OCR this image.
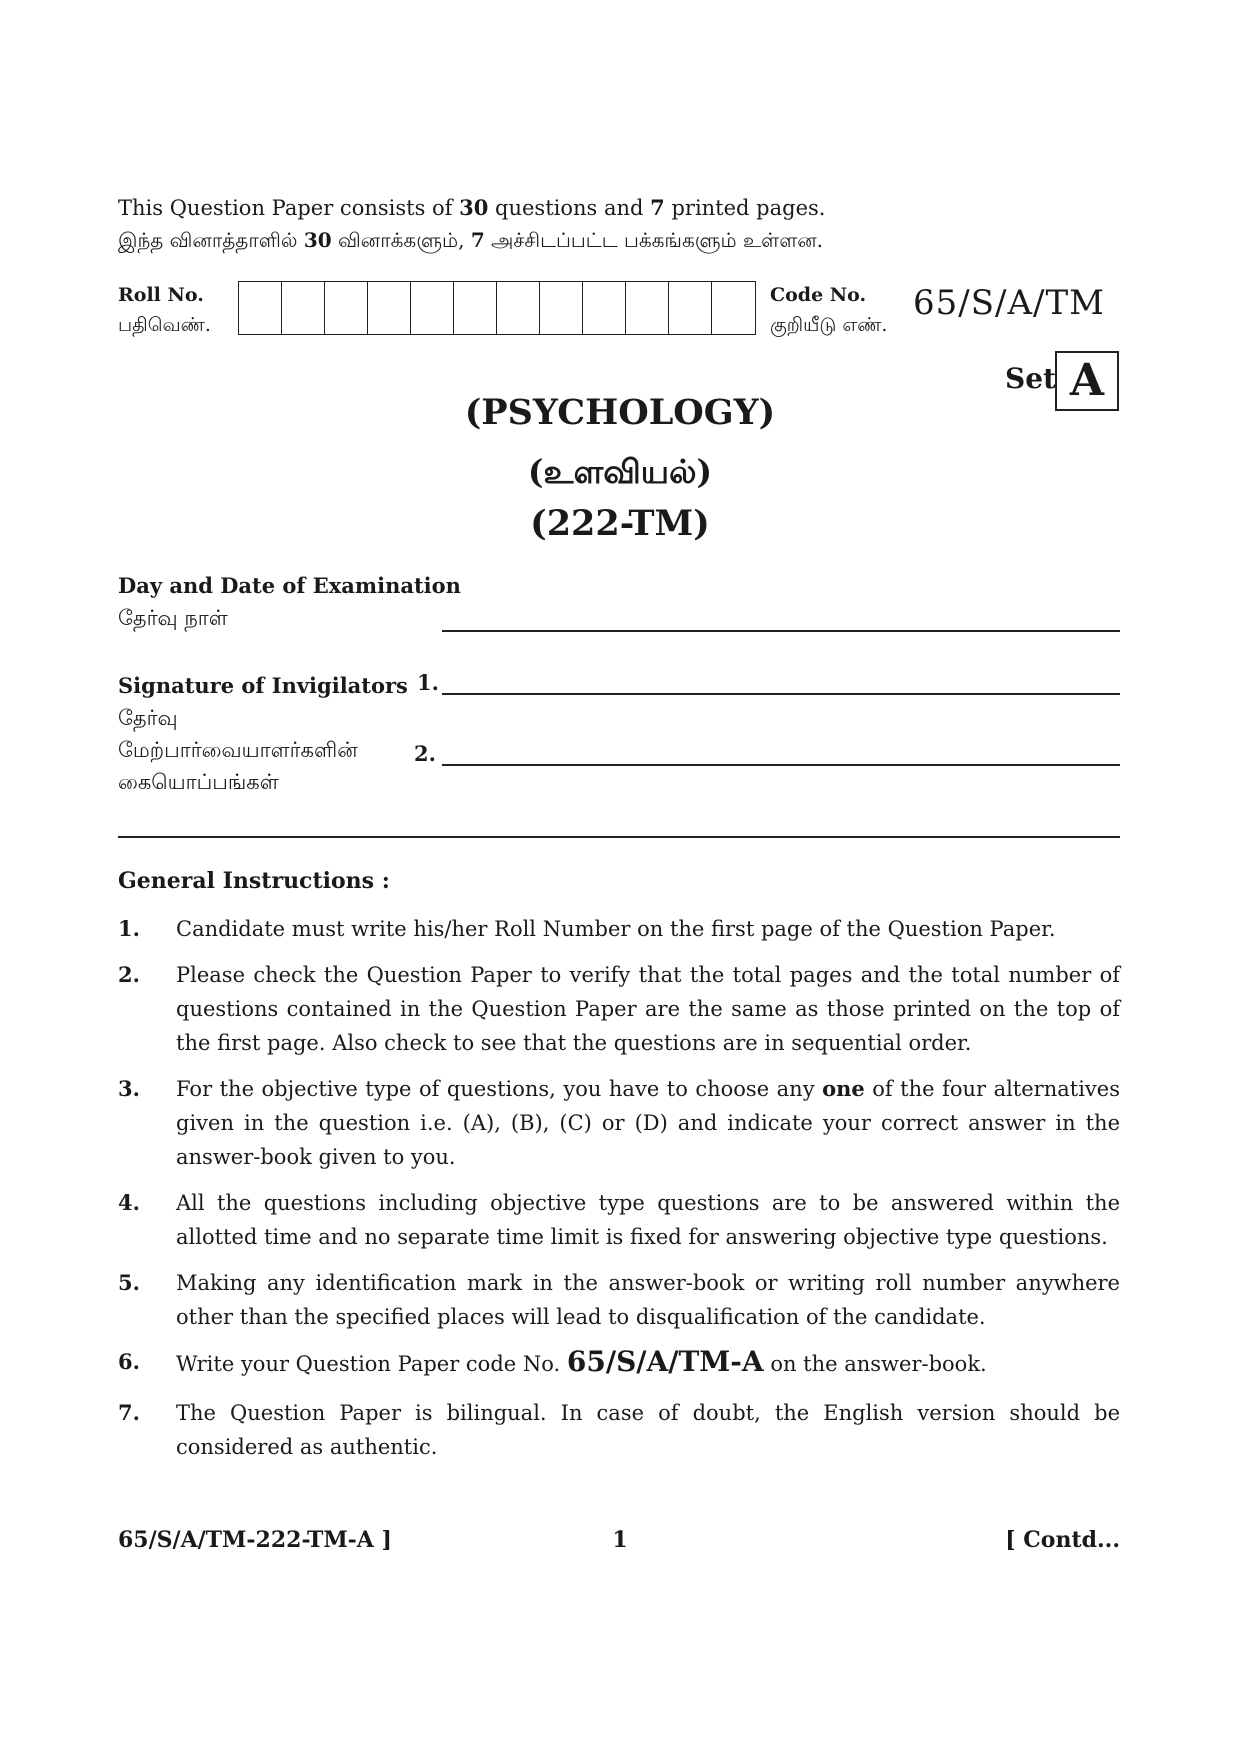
This Question Paper consists of 30 questions and 7 printed pages.
இந்த வினாத்தாளில் 30 வினாக்களும், 7 அச்சிடப்பட்ட பக்கங்களும் உள்ளன.
Roll No.
பதிவெண்.
Code No.
குறியீடு எண்.
65/S/A/TM
Set A
(PSYCHOLOGY)
(உளவியல்)
(222-TM)
Day and Date of Examination
தேர்வு நாள்
Signature of Invigilators
தேர்வு
மேற்பார்வையாளர்களின்
கையொப்பங்கள்
1.
2.
General Instructions :
1. Candidate must write his/her Roll Number on the first page of the Question Paper.
2. Please check the Question Paper to verify that the total pages and the total number of questions contained in the Question Paper are the same as those printed on the top of the first page. Also check to see that the questions are in sequential order.
3. For the objective type of questions, you have to choose any one of the four alternatives given in the question i.e. (A), (B), (C) or (D) and indicate your correct answer in the answer-book given to you.
4. All the questions including objective type questions are to be answered within the allotted time and no separate time limit is fixed for answering objective type questions.
5. Making any identification mark in the answer-book or writing roll number anywhere other than the specified places will lead to disqualification of the candidate.
6. Write your Question Paper code No. 65/S/A/TM-A on the answer-book.
7. The Question Paper is bilingual. In case of doubt, the English version should be considered as authentic.
65/S/A/TM-222-TM-A ]	1	[ Contd...
